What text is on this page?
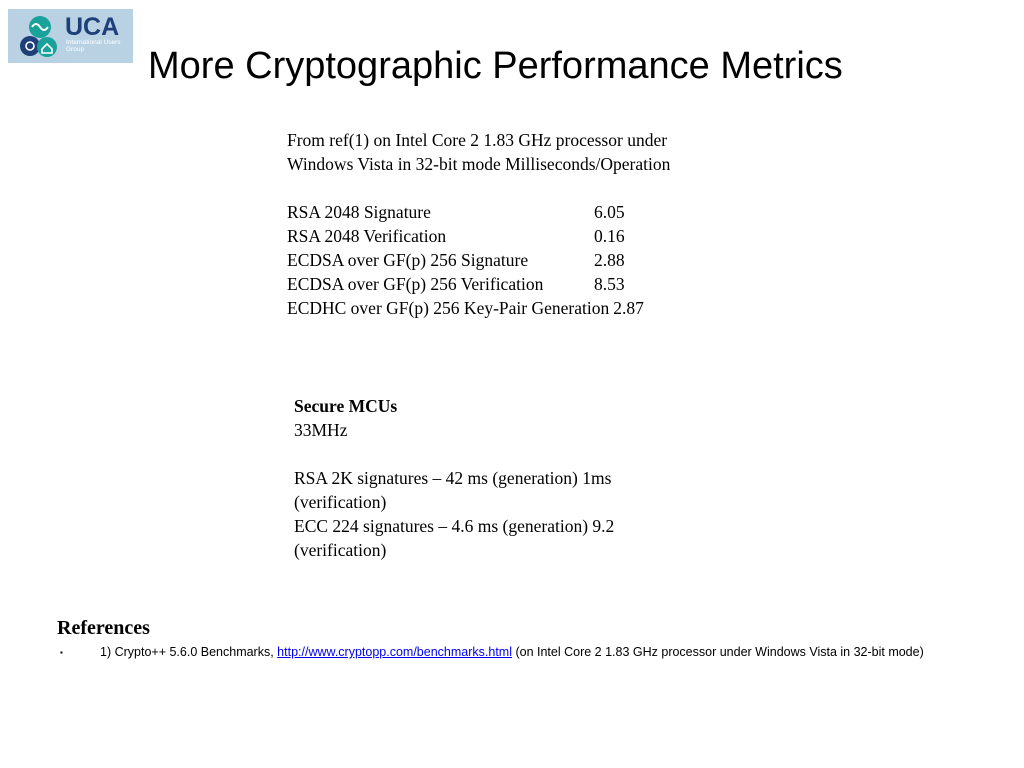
UCA
International Users Group	More Cryptographic Performance Metrics

From ref(1) on Intel Core 2 1.83 GHz processor under

Windows Vista in 32-bit mode Milliseconds/Operation

RSA 2048 Signature	6.05
RSA 2048 Verification	0.16
ECDSA over GF(p) 256 Signature	2.88
ECDSA over GF(p) 256 Verification	8.53
ECDHC over GF(p) 256 Key-Pair Generation 2.87

Secure MCUs

33MHz

RSA 2K signatures – 42 ms (generation) 1ms

(verification)

ECC 224 signatures – 4.6 ms (generation) 9.2

(verification)

References
▪	1) Crypto++ 5.6.0 Benchmarks, http://www.cryptopp.com/benchmarks.html (on Intel Core 2 1.83 GHz processor under Windows Vista in 32-bit mode)
